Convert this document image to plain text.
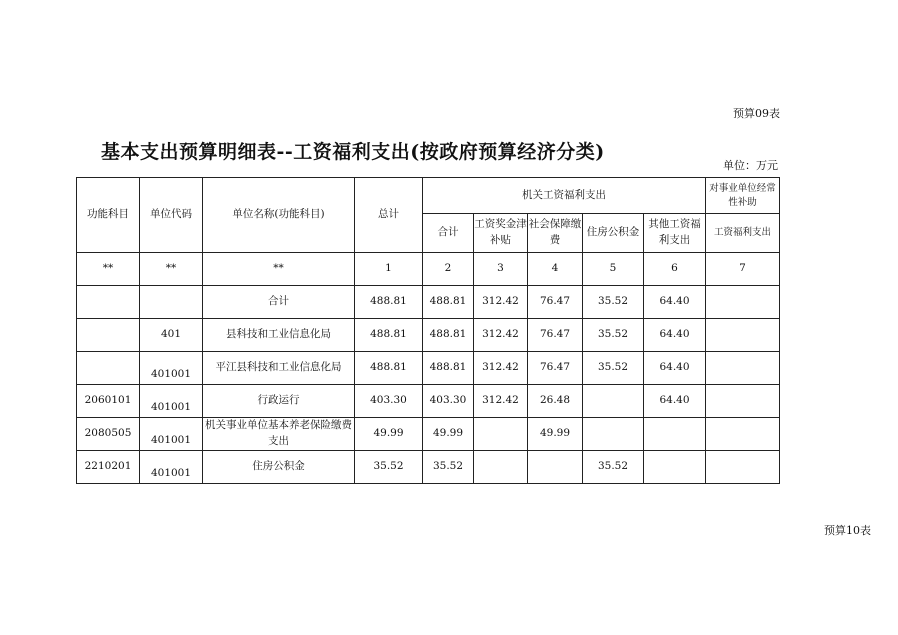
预算09表
基本支出预算明细表--工资福利支出(按政府预算经济分类)
单位：万元
功能科目	单位代码	单位名称(功能科目)	总计	机关工资福利支出					对事业单位经常性补助
				合计	工资奖金津补贴	社会保障缴费	住房公积金	其他工资福利支出	工资福利支出
**	**	**	1	2	3	4	5	6	7
		合计	488.81	488.81	312.42	76.47	35.52	64.40	
	401	县科技和工业信息化局	488.81	488.81	312.42	76.47	35.52	64.40	
	401001	平江县科技和工业信息化局	488.81	488.81	312.42	76.47	35.52	64.40	
2060101	401001	行政运行	403.30	403.30	312.42	26.48		64.40	
2080505	401001	机关事业单位基本养老保险缴费支出	49.99	49.99		49.99			
2210201	401001	住房公积金	35.52	35.52			35.52		
预算10表
